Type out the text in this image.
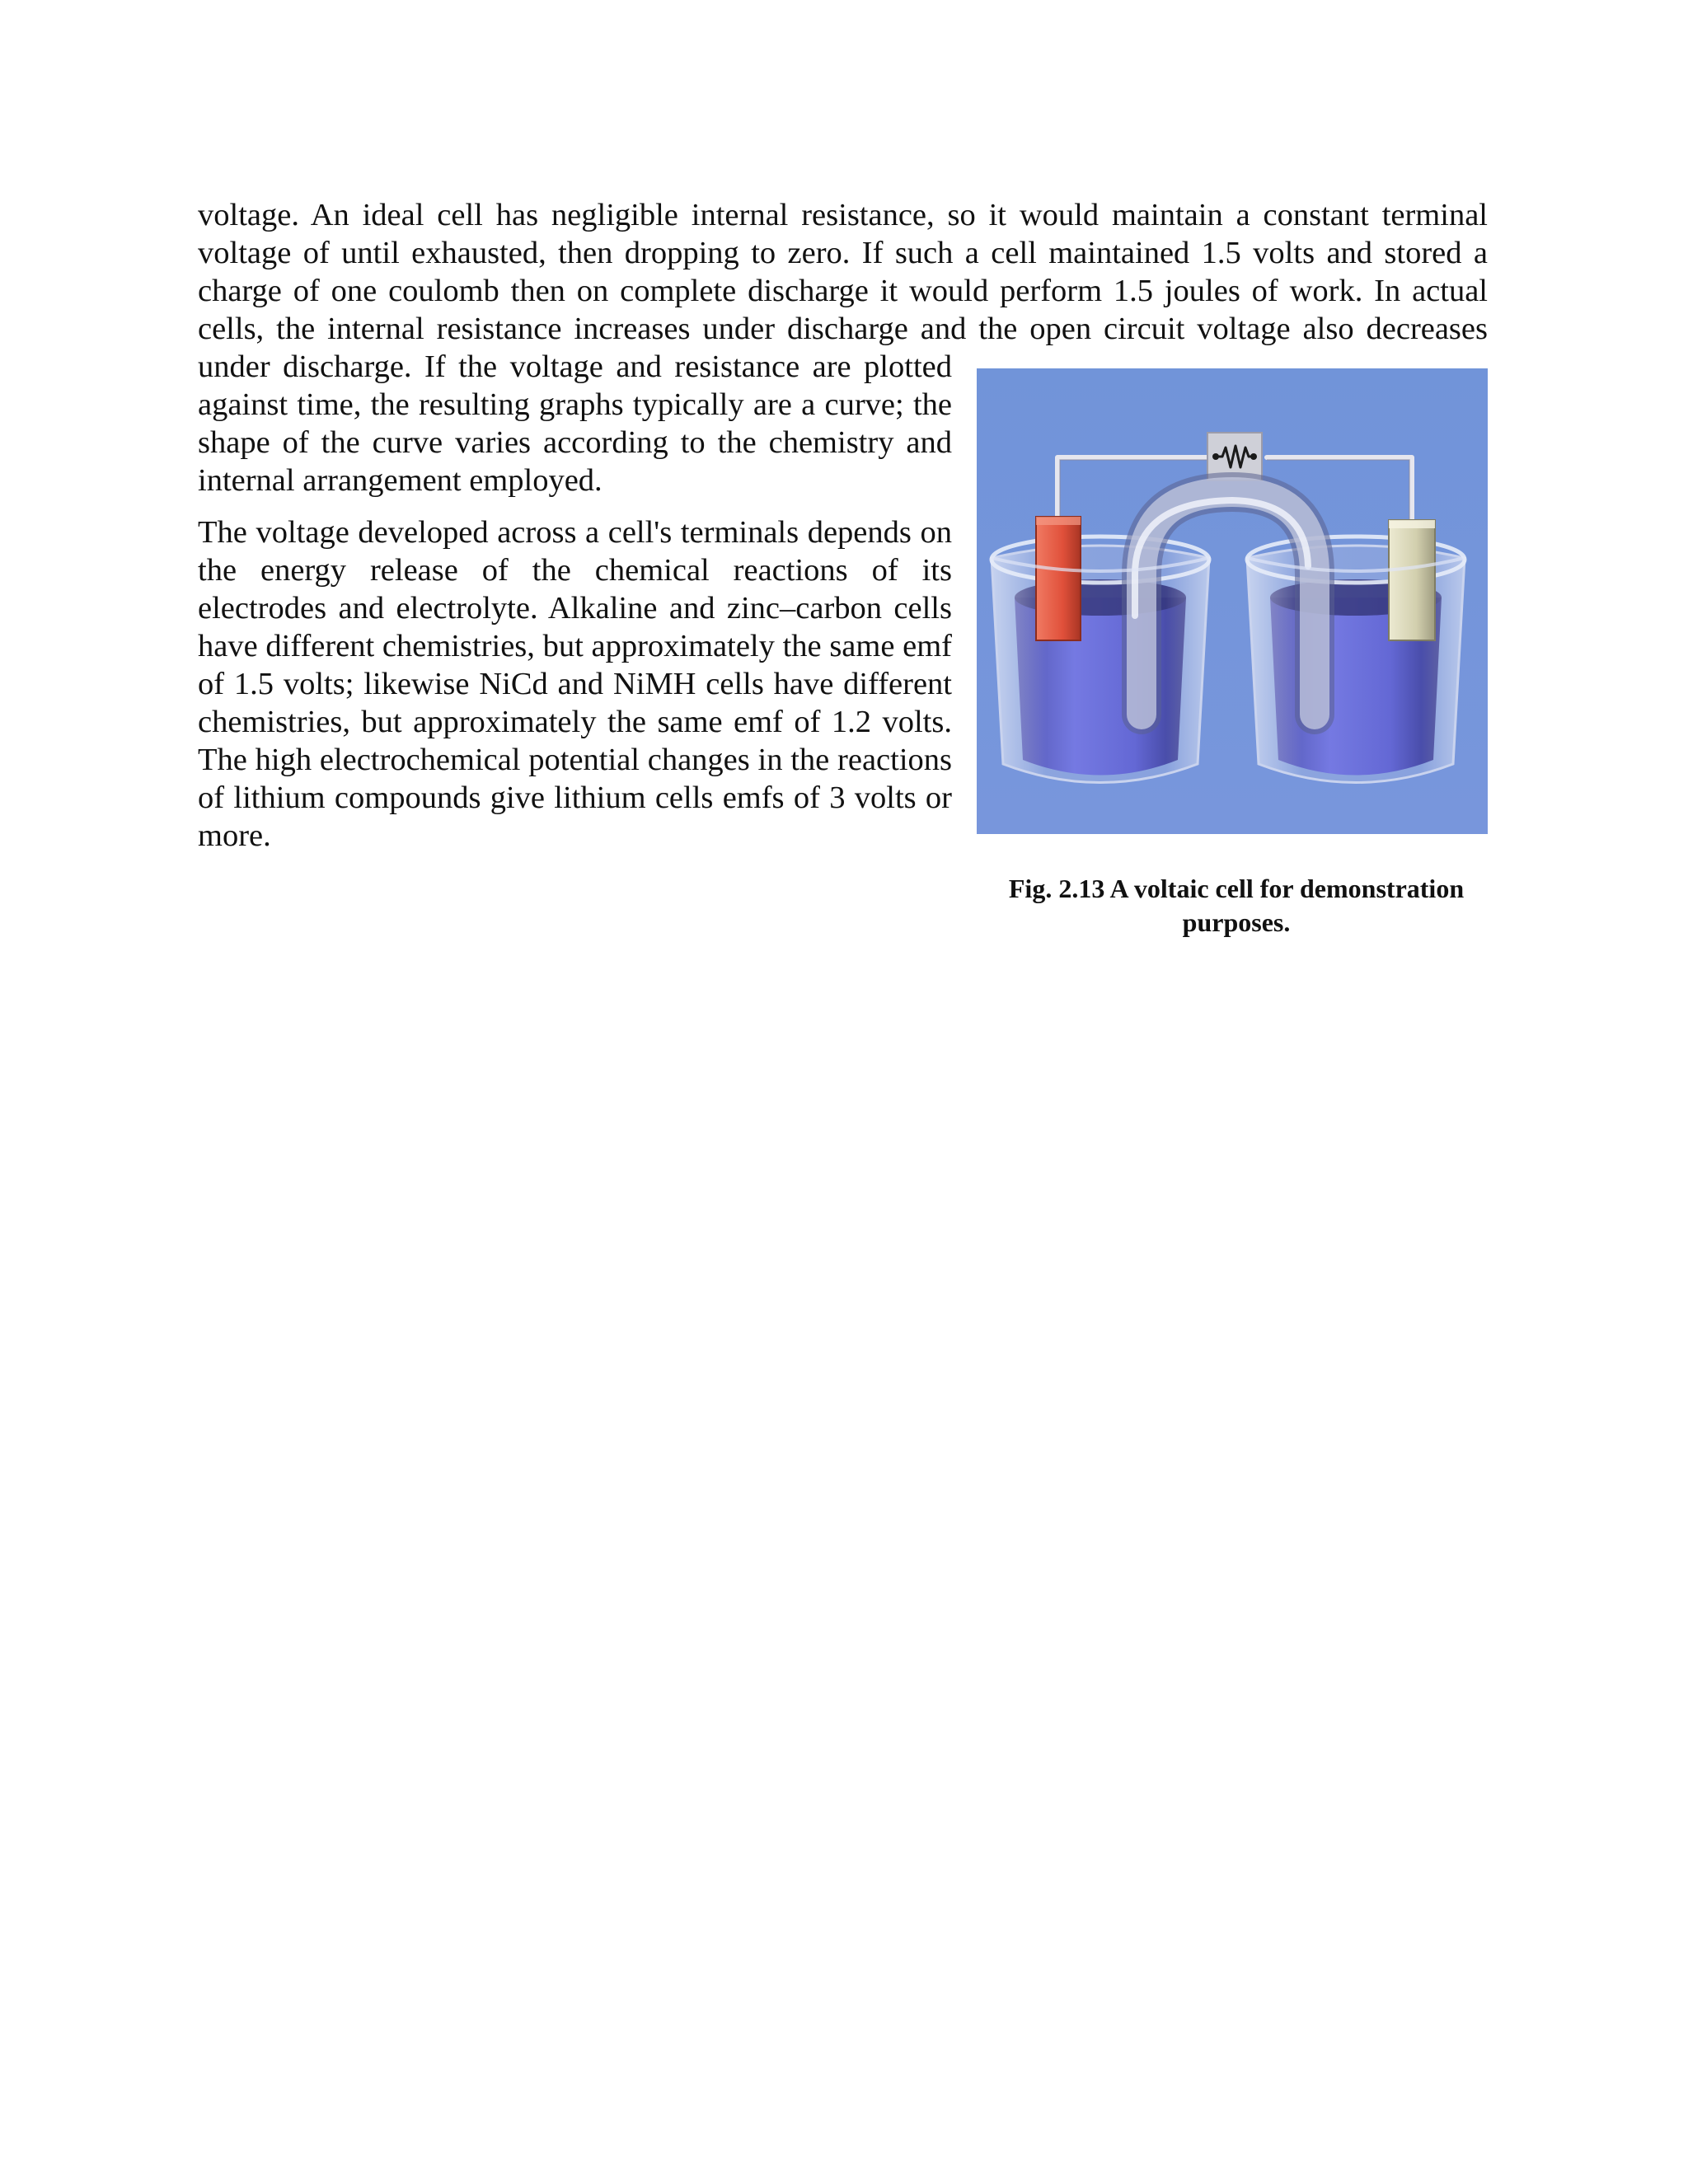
voltage. An ideal cell has negligible internal resistance, so it would maintain a constant terminal voltage of until exhausted, then dropping to zero. If such a cell maintained 1.5 volts and stored a charge of one coulomb then on complete discharge it would perform 1.5 joules of work. In actual cells, the internal resistance increases under discharge and the open circuit voltage also decreases

under discharge. If the voltage and resistance are plotted against time, the resulting graphs typically are a curve; the shape of the curve varies according to the chemistry and internal arrangement employed.

The voltage developed across a cell's terminals depends on the energy release of the chemical reactions of its electrodes and electrolyte. Alkaline and zinc–carbon cells have different chemistries, but approximately the same emf of 1.5 volts; likewise NiCd and NiMH cells have different chemistries, but approximately the same emf of 1.2 volts. The high electrochemical potential changes in the reactions of lithium compounds give lithium cells emfs of 3 volts or more.

Fig. 2.13 A voltaic cell for demonstration purposes.
